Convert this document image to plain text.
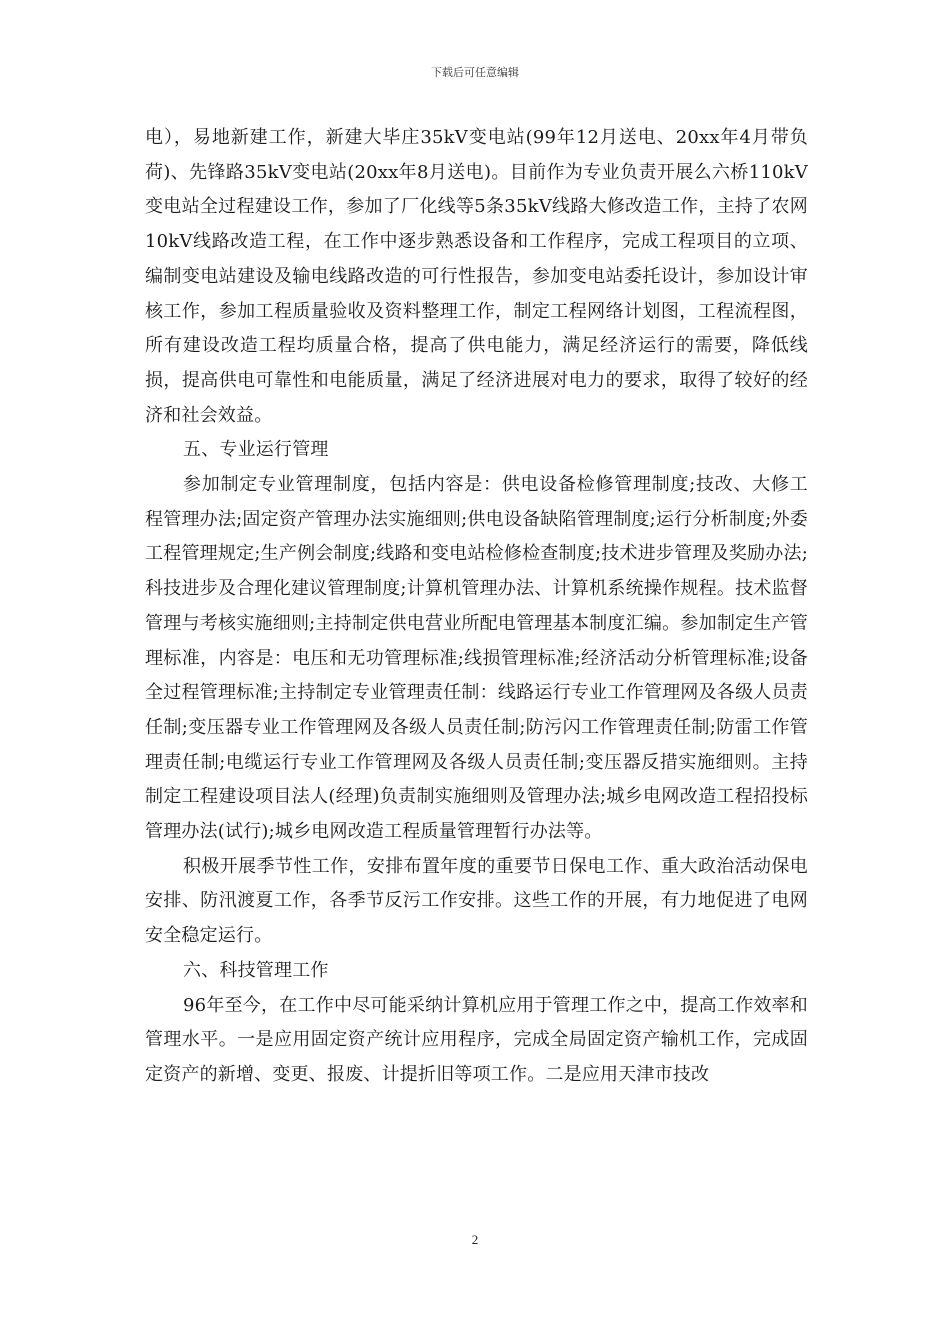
下载后可任意编辑

电），易地新建工作，新建大毕庄35kV变电站(99年12月送电、20xx年4月带负荷)、先锋路35kV变电站(20xx年8月送电)。目前作为专业负责开展么六桥110kV变电站全过程建设工作，参加了厂化线等5条35kV线路大修改造工作，主持了农网10kV线路改造工程，在工作中逐步熟悉设备和工作程序，完成工程项目的立项、编制变电站建设及输电线路改造的可行性报告，参加变电站委托设计，参加设计审核工作，参加工程质量验收及资料整理工作，制定工程网络计划图，工程流程图，所有建设改造工程均质量合格，提高了供电能力，满足经济运行的需要，降低线损，提高供电可靠性和电能质量，满足了经济进展对电力的要求，取得了较好的经济和社会效益。

五、专业运行管理

参加制定专业管理制度，包括内容是：供电设备检修管理制度;技改、大修工程管理办法;固定资产管理办法实施细则;供电设备缺陷管理制度;运行分析制度;外委工程管理规定;生产例会制度;线路和变电站检修检查制度;技术进步管理及奖励办法;科技进步及合理化建议管理制度;计算机管理办法、计算机系统操作规程。技术监督管理与考核实施细则;主持制定供电营业所配电管理基本制度汇编。参加制定生产管理标准，内容是：电压和无功管理标准;线损管理标准;经济活动分析管理标准;设备全过程管理标准;主持制定专业管理责任制：线路运行专业工作管理网及各级人员责任制;变压器专业工作管理网及各级人员责任制;防污闪工作管理责任制;防雷工作管理责任制;电缆运行专业工作管理网及各级人员责任制;变压器反措实施细则。主持制定工程建设项目法人(经理)负责制实施细则及管理办法;城乡电网改造工程招投标管理办法(试行);城乡电网改造工程质量管理暂行办法等。

积极开展季节性工作，安排布置年度的重要节日保电工作、重大政治活动保电安排、防汛渡夏工作，各季节反污工作安排。这些工作的开展，有力地促进了电网安全稳定运行。

六、科技管理工作

96年至今，在工作中尽可能采纳计算机应用于管理工作之中，提高工作效率和管理水平。一是应用固定资产统计应用程序，完成全局固定资产输机工作，完成固定资产的新增、变更、报废、计提折旧等项工作。二是应用天津市技改

2
